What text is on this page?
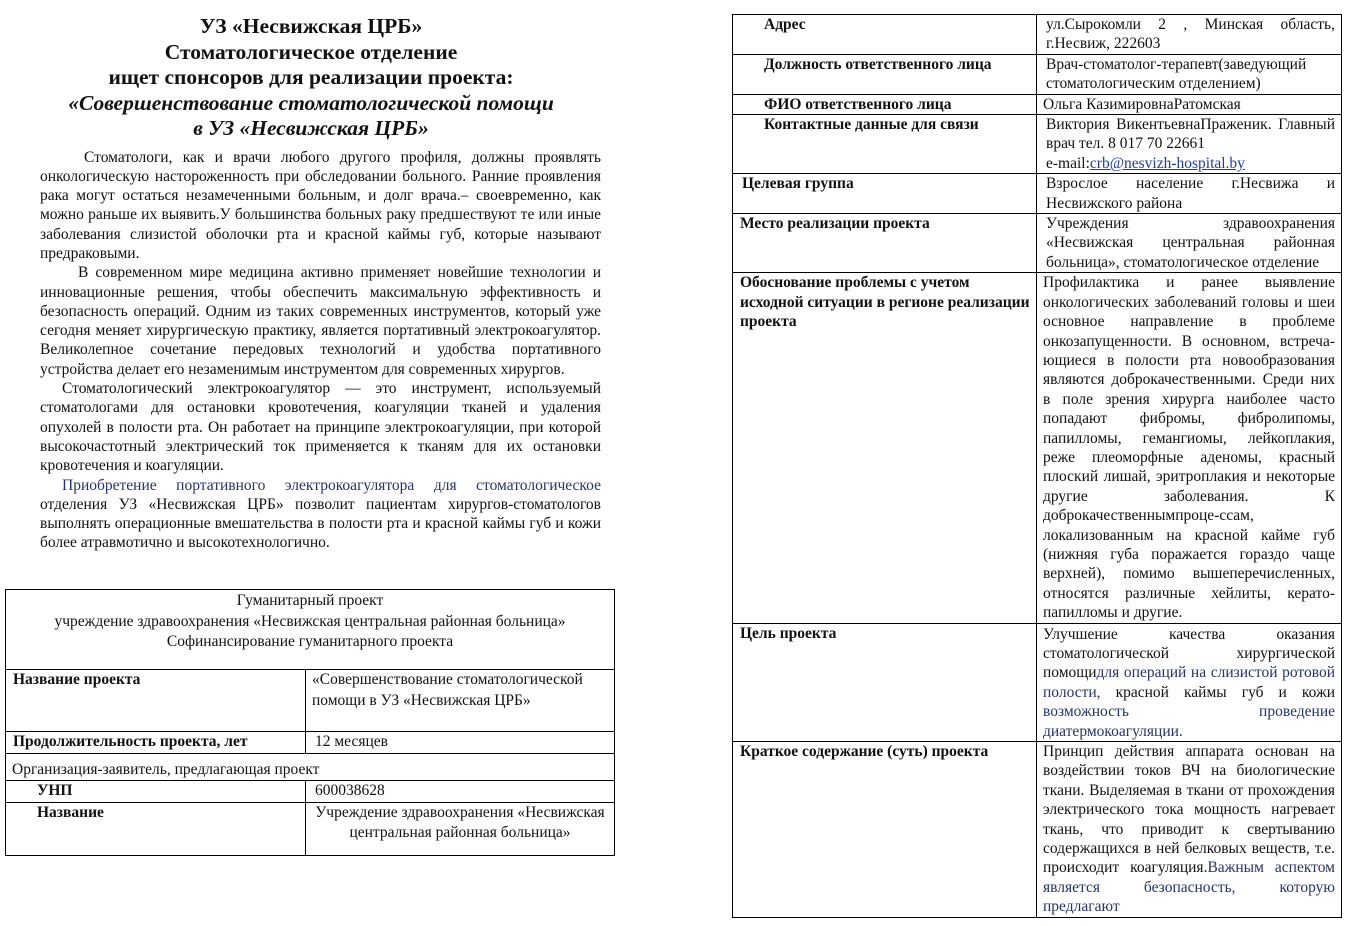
УЗ «Несвижская ЦРБ»
Стоматологическое отделение
ищет спонсоров для реализации проекта:
«Совершенствование стоматологической помощи
в УЗ «Несвижская ЦРБ»

Стоматологи, как и врачи любого другого профиля, должны проявлять онкологическую настороженность при обследовании больного. Ранние проявления рака могут остаться незамеченными больным, и долг врача.– своевременно, как можно раньше их выявить.У большинства больных раку предшествуют те или иные заболевания слизистой оболочки рта и красной каймы губ, которые называют предраковыми.

В современном мире медицина активно применяет новейшие технологии и инновационные решения, чтобы обеспечить максимальную эффективность и безопасность операций. Одним из таких современных инструментов, который уже сегодня меняет хирургическую практику, является портативный электрокоагулятор. Великолепное сочетание передовых технологий и удобства портативного устройства делает его незаменимым инструментом для современных хирургов.

Стоматологический электрокоагулятор — это инструмент, используемый стоматологами для остановки кровотечения, коагуляции тканей и удаления опухолей в полости рта. Он работает на принципе электрокоагуляции, при которой высокочастотный электрический ток применяется к тканям для их остановки кровотечения и коагуляции.

Приобретение портативного электрокоагулятора для стоматологическое отделения УЗ «Несвижская ЦРБ» позволит пациентам хирургов-стоматологов выполнять операционные вмешательства в полости рта и красной каймы губ и кожи более атравмотично и высокотехнологично.

Гуманитарный проект
учреждение здравоохранения «Несвижская центральная районная больница»
Софинансирование гуманитарного проекта	

Название проекта	«Совершенствование стоматологической помощи в УЗ «Несвижская ЦРБ»
Продолжительность проекта, лет	12 месяцев
Организация-заявитель, предлагающая проект	
УНП	600038628
Название	Учреждение здравоохранения «Несвижская центральная районная больница»
Адрес	ул.Сырокомли 2 , Минская область, г.Несвиж, 222603
Должность ответственного лица	Врач-стоматолог-терапевт(заведующий стоматологическим отделением)
ФИО ответственного лица	Ольга КазимировнаРатомская
Контактные данные для связи	Виктория ВикентьевнаПраженик. Главный врач тел. 8 017 70 22661
e-mail:crb@nesvizh-hospital.by
Целевая группа	Взрослое население г.Несвижа и Несвижского района
Место реализации проекта	Учреждения здравоохранения «Несвижская центральная районная больница», стоматологическое отделение
Обоснование проблемы с учетом исходной ситуации в регионе реализации проекта	Профилактика и ранее выявление онкологических заболеваний головы и шеи основное направление в проблеме онкозапущенности. В основном, встреча-ющиеся в полости рта новообразования являются доброкачественными. Среди них в поле зрения хирурга наиболее часто попадают фибромы, фибролипомы, папилломы, гемангиомы, лейкоплакия, реже плеоморфные аденомы, красный плоский лишай, эритроплакия и некоторые другие заболевания. К доброкачественнымпроце-ссам, локализованным на красной кайме губ (нижняя губа поражается гораздо чаще верхней), помимо вышеперечисленных, относятся различные хейлиты, керато-
папилломы и другие.

Цель проекта	Улучшение качества оказания стоматологической хирургической помощидля операций на слизистой ротовой полости, красной каймы губ и кожи возможность проведение
диатермокоагуляции.

Краткое содержание (суть) проекта	Принцип действия аппарата основан на воздействии токов ВЧ на биологические ткани. Выделяемая в ткани от прохождения электрического тока мощность нагревает ткань, что приводит к свертыванию содержащихся в ней белковых веществ, т.е. происходит коагуляция.Важным аспектом является безопасность, которую предлагают
